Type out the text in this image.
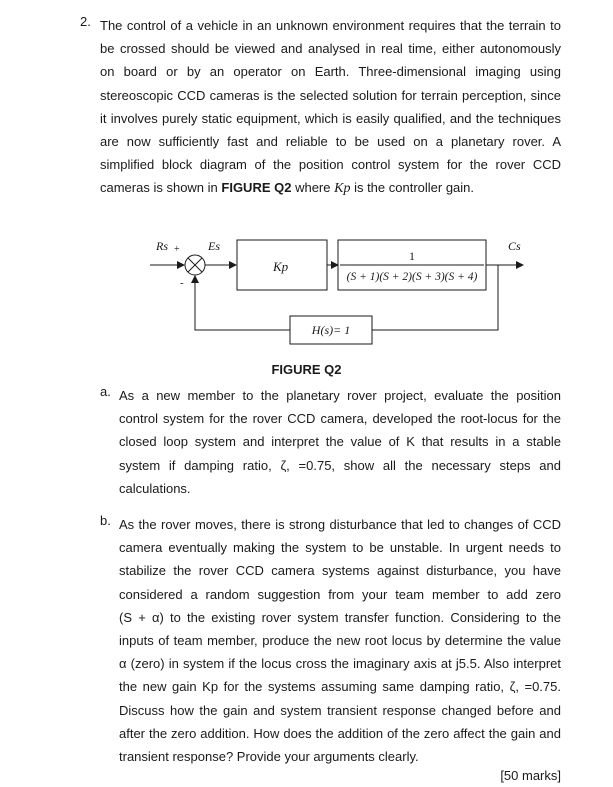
2. The control of a vehicle in an unknown environment requires that the terrain to
be crossed should be viewed and analysed in real time, either autonomously
on board or by an operator on Earth. Three-dimensional imaging using
stereoscopic CCD cameras is the selected solution for terrain perception, since
it involves purely static equipment, which is easily qualified, and the techniques
are now sufficiently fast and reliable to be used on a planetary rover. A
simplified block diagram of the position control system for the rover CCD
cameras is shown in FIGURE Q2 where Kp is the controller gain.
Rs +
-
Es
Kp
1
(S + 1)(S + 2)(S + 3)(S + 4)
Cs
H(s)= 1
FIGURE Q2
a. As a new member to the planetary rover project, evaluate the position
control system for the rover CCD camera, developed the root-locus for the
closed loop system and interpret the value of K that results in a stable
system if damping ratio, ζ, =0.75, show all the necessary steps and
calculations.
b. As the rover moves, there is strong disturbance that led to changes of CCD
camera eventually making the system to be unstable. In urgent needs to
stabilize the rover CCD camera systems against disturbance, you have
considered a random suggestion from your team member to add zero
(S + α) to the existing rover system transfer function. Considering to the
inputs of team member, produce the new root locus by determine the value
α (zero) in system if the locus cross the imaginary axis at j5.5. Also interpret
the new gain Kp for the systems assuming same damping ratio, ζ, =0.75.
Discuss how the gain and system transient response changed before and
after the zero addition. How does the addition of the zero affect the gain and
transient response? Provide your arguments clearly.
[50 marks]
